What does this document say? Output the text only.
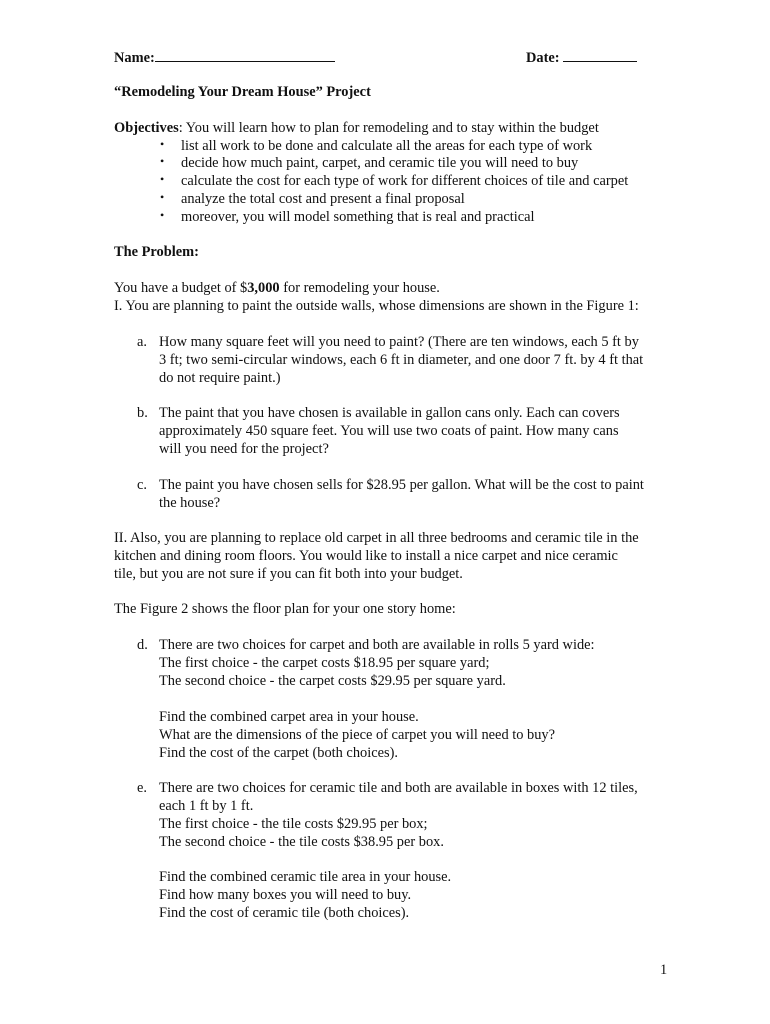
Name:	Date:
“Remodeling Your Dream House” Project
Objectives: You will learn how to plan for remodeling and to stay within the budget
• list all work to be done and calculate all the areas for each type of work
• decide how much paint, carpet, and ceramic tile you will need to buy
• calculate the cost for each type of work for different choices of tile and carpet
• analyze the total cost and present a final proposal
• moreover, you will model something that is real and practical
The Problem:
You have a budget of $3,000 for remodeling your house.
I. You are planning to paint the outside walls, whose dimensions are shown in the Figure 1:
a. How many square feet will you need to paint? (There are ten windows, each 5 ft by
3 ft; two semi-circular windows, each 6 ft in diameter, and one door 7 ft. by 4 ft that
do not require paint.)
b. The paint that you have chosen is available in gallon cans only. Each can covers
approximately 450 square feet. You will use two coats of paint. How many cans
will you need for the project?
c. The paint you have chosen sells for $28.95 per gallon. What will be the cost to paint
the house?
II. Also, you are planning to replace old carpet in all three bedrooms and ceramic tile in the
kitchen and dining room floors. You would like to install a nice carpet and nice ceramic
tile, but you are not sure if you can fit both into your budget.
The Figure 2 shows the floor plan for your one story home:
d. There are two choices for carpet and both are available in rolls 5 yard wide:
The first choice - the carpet costs $18.95 per square yard;
The second choice - the carpet costs $29.95 per square yard.
Find the combined carpet area in your house.
What are the dimensions of the piece of carpet you will need to buy?
Find the cost of the carpet (both choices).
e. There are two choices for ceramic tile and both are available in boxes with 12 tiles,
each 1 ft by 1 ft.
The first choice - the tile costs $29.95 per box;
The second choice - the tile costs $38.95 per box.
Find the combined ceramic tile area in your house.
Find how many boxes you will need to buy.
Find the cost of ceramic tile (both choices).
1
